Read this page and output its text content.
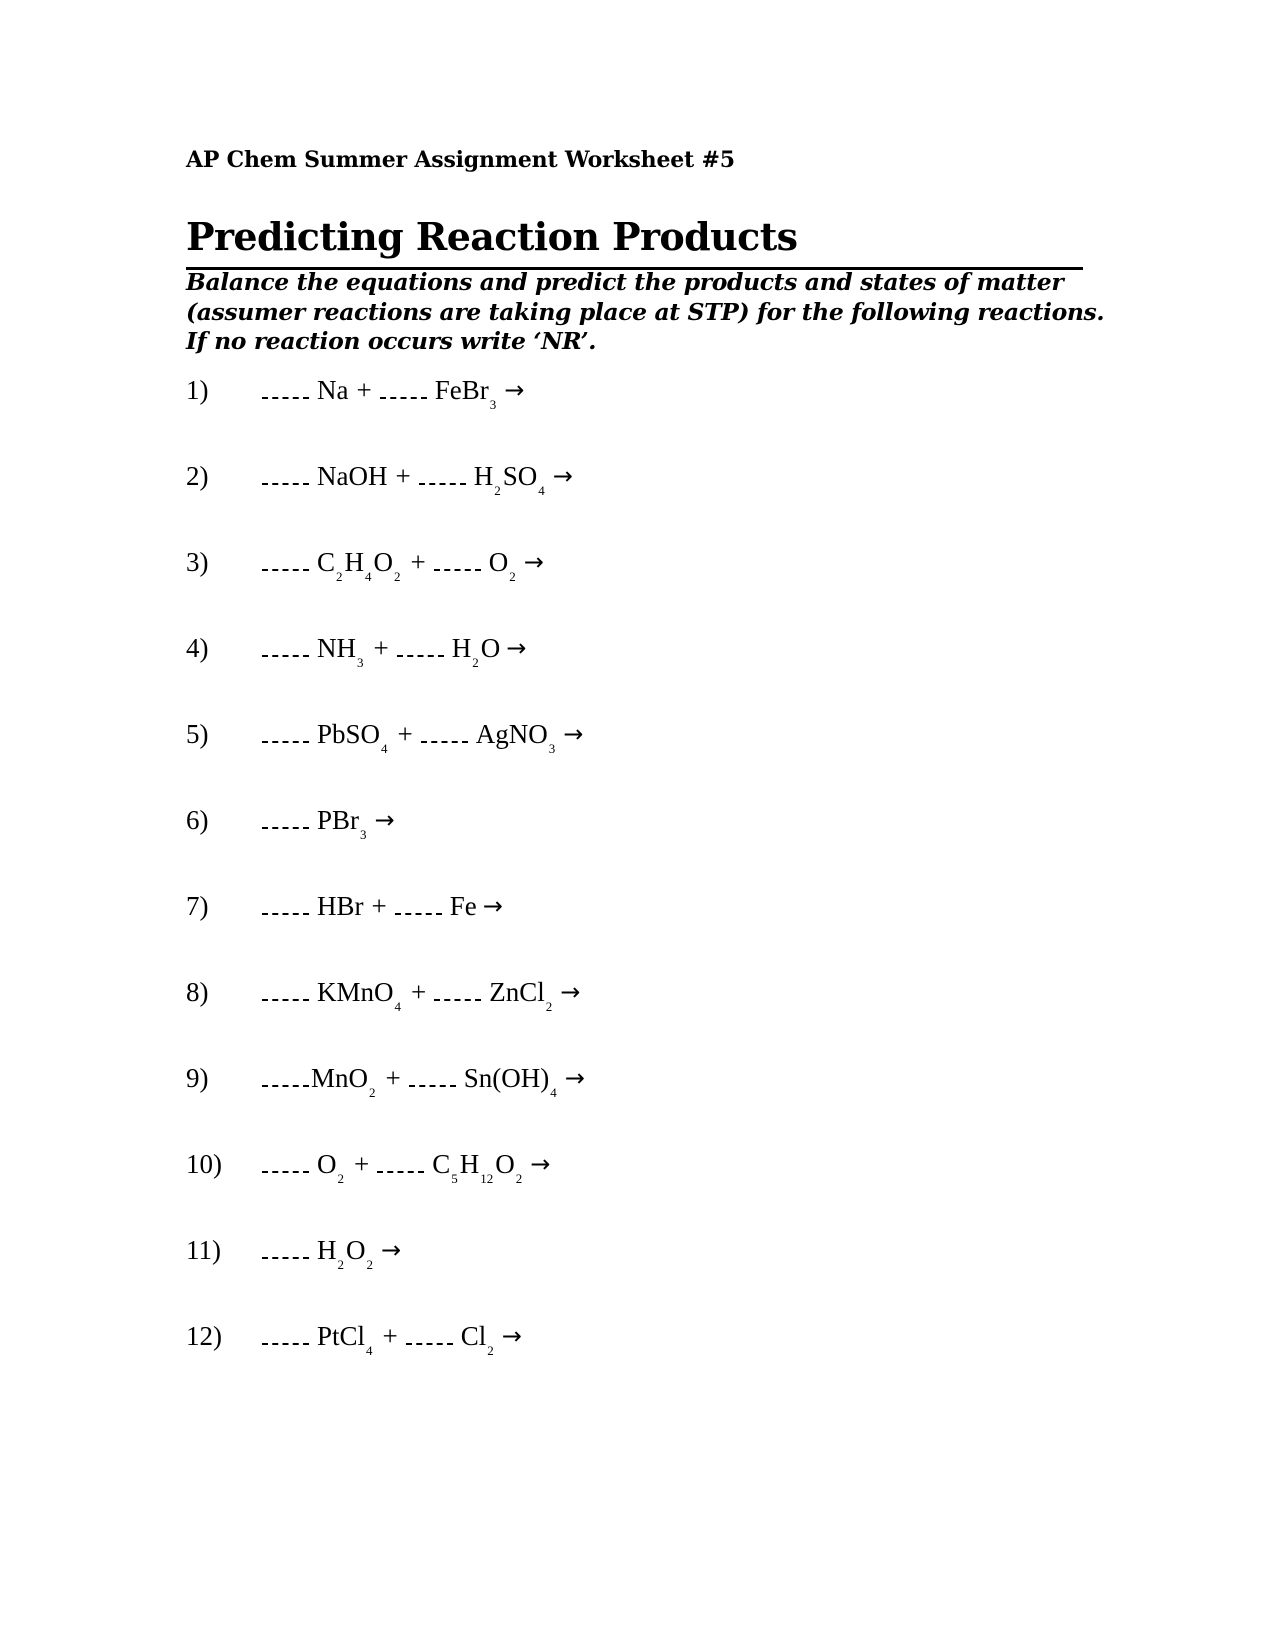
AP Chem Summer Assignment Worksheet #5
Predicting Reaction Products
Balance the equations and predict the products and states of matter
(assumer reactions are taking place at STP) for the following reactions.
If no reaction occurs write ‘NR’.
1)	Na + FeBr$_3$→
2)	NaOH + $H_2SO_4\to$
3)	$C_2H_4O_2 + O_2\to$
4)	$NH_3 + H_2O$ →
5)	PbSO$_4$ + AgNO$_3$→
6)	PBr$_3$→
7)	HBr + Fe →
8)	KMnO$_4$ + ZnCl$_2$→
9)	$MnO_2 + Sn(OH)_4\to$
10)	$O_2 + C_5H_{12}O_2\to$
11)	$H_2O_2\to$
12)	PtCl$_4$ + $Cl_2\to$
